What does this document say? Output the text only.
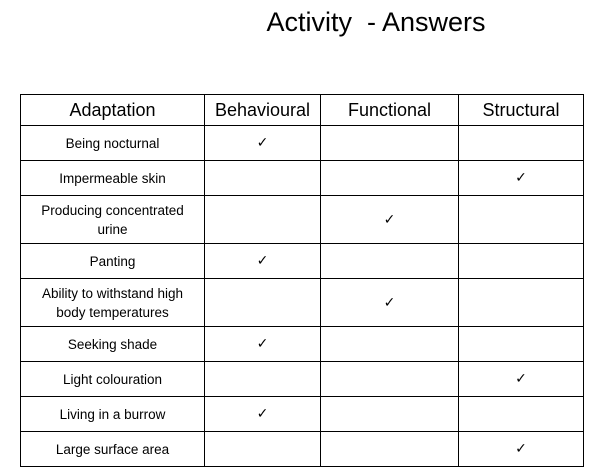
Activity  - Answers
Adaptation	Behavioural	Functional	Structural
Being nocturnal	✓		
Impermeable skin			✓
Producing concentrated urine		✓	
Panting	✓		
Ability to withstand high body temperatures		✓	
Seeking shade	✓		
Light colouration			✓
Living in a burrow	✓		
Large surface area			✓
